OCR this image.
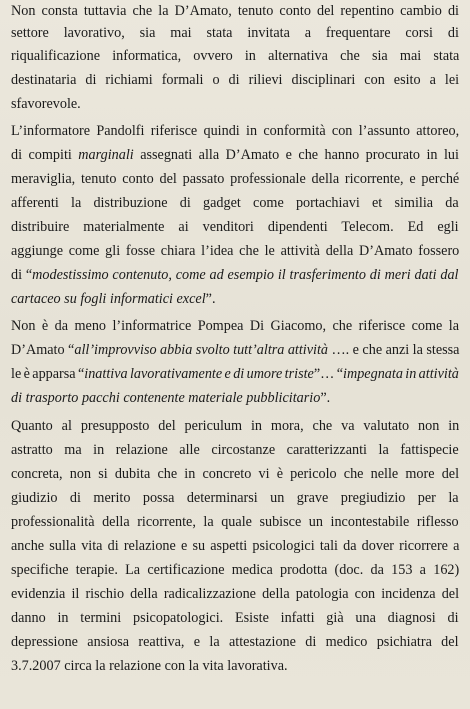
Non consta tuttavia che la D’Amato, tenuto conto del repentino cambio di
settore lavorativo, sia mai stata invitata a frequentare corsi di
riqualificazione informatica, ovvero in alternativa che sia mai stata
destinataria di richiami formali o di rilievi disciplinari con esito a lei
sfavorevole.
L’informatore Pandolfi riferisce quindi in conformità con l’assunto attoreo,
di compiti marginali assegnati alla D’Amato e che hanno procurato in lui
meraviglia, tenuto conto del passato professionale della ricorrente, e perché
afferenti la distribuzione di gadget come portachiavi et similia da
distribuire materialmente ai venditori dipendenti Telecom. Ed egli
aggiunge come gli fosse chiara l’idea che le attività della D’Amato fossero
di “modestissimo contenuto, come ad esempio il trasferimento di meri dati dal
cartaceo su fogli informatici excel”.
Non è da meno l’informatrice Pompea Di Giacomo, che riferisce come la
D’Amato “all’improvviso abbia svolto tutt’altra attività …. e che anzi la stessa
le è apparsa “inattiva lavorativamente e di umore triste”… “impegnata in attività
di trasporto pacchi contenente materiale pubblicitario”.
Quanto al presupposto del periculum in mora, che va valutato non in
astratto ma in relazione alle circostanze caratterizzanti la fattispecie
concreta, non si dubita che in concreto vi è pericolo che nelle more del
giudizio di merito possa determinarsi un grave pregiudizio per la
professionalità della ricorrente, la quale subisce un incontestabile riflesso
anche sulla vita di relazione e su aspetti psicologici tali da dover ricorrere a
specifiche terapie. La certificazione medica prodotta (doc. da 153 a 162)
evidenzia il rischio della radicalizzazione della patologia con incidenza del
danno in termini psicopatologici. Esiste infatti già una diagnosi di
depressione ansiosa reattiva, e la attestazione di medico psichiatra del
3.7.2007 circa la relazione con la vita lavorativa.
